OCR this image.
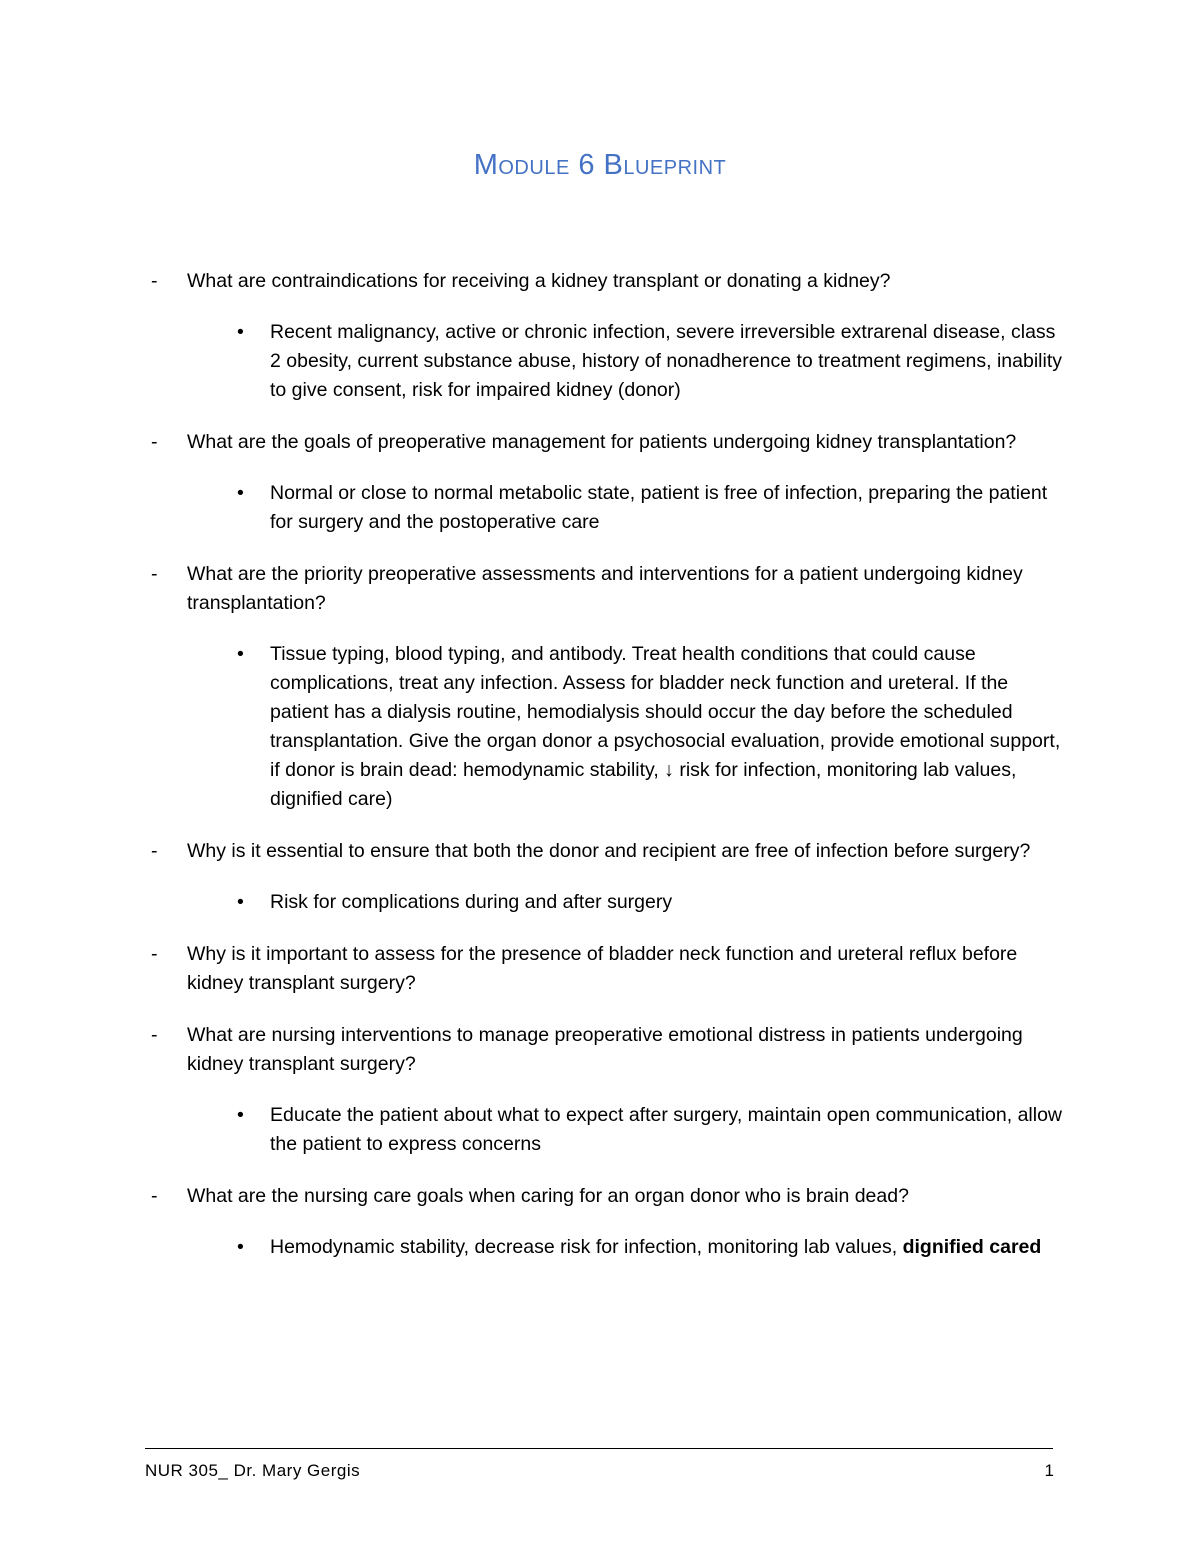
Module 6 Blueprint

- What are contraindications for receiving a kidney transplant or donating a kidney?

• Recent malignancy, active or chronic infection, severe irreversible extrarenal disease, class 2 obesity, current substance abuse, history of nonadherence to treatment regimens, inability to give consent, risk for impaired kidney (donor)

- What are the goals of preoperative management for patients undergoing kidney transplantation?

• Normal or close to normal metabolic state, patient is free of infection, preparing the patient for surgery and the postoperative care

- What are the priority preoperative assessments and interventions for a patient undergoing kidney transplantation?

• Tissue typing, blood typing, and antibody. Treat health conditions that could cause complications, treat any infection. Assess for bladder neck function and ureteral. If the patient has a dialysis routine, hemodialysis should occur the day before the scheduled transplantation. Give the organ donor a psychosocial evaluation, provide emotional support, if donor is brain dead: hemodynamic stability, ↓ risk for infection, monitoring lab values, dignified care)

- Why is it essential to ensure that both the donor and recipient are free of infection before surgery?

• Risk for complications during and after surgery

- Why is it important to assess for the presence of bladder neck function and ureteral reflux before kidney transplant surgery?

- What are nursing interventions to manage preoperative emotional distress in patients undergoing kidney transplant surgery?

• Educate the patient about what to expect after surgery, maintain open communication, allow the patient to express concerns

- What are the nursing care goals when caring for an organ donor who is brain dead?

• Hemodynamic stability, decrease risk for infection, monitoring lab values, dignified cared

NUR 305_ Dr. Mary Gergis	1
